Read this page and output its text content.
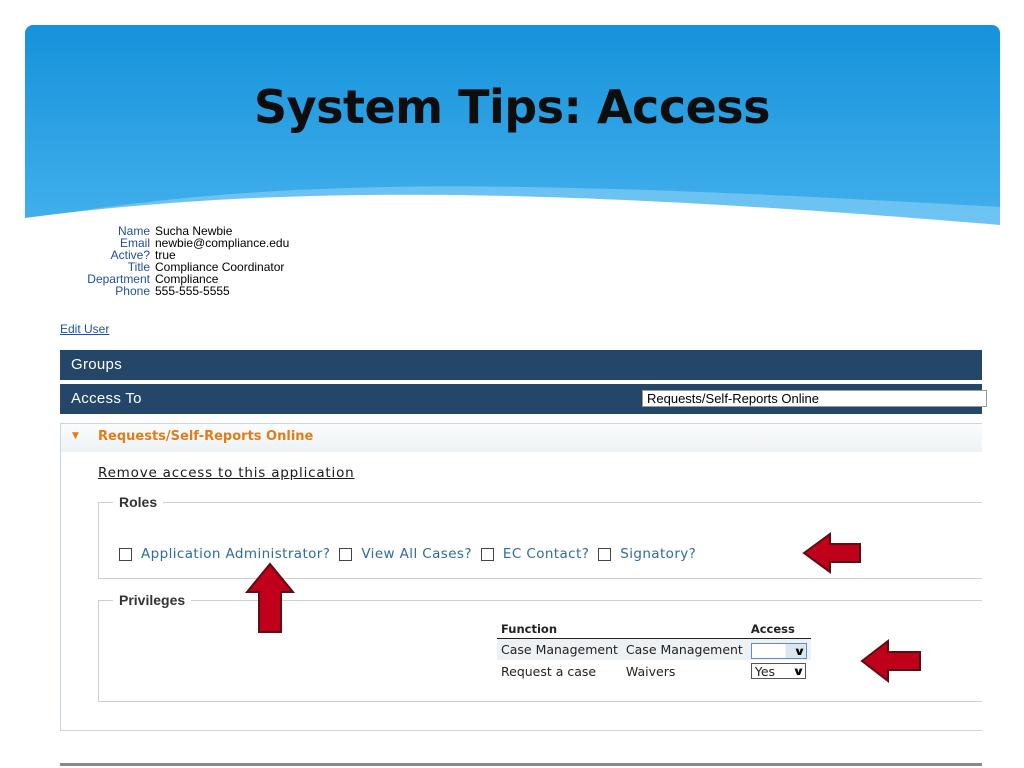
System Tips: Access
Name Sucha Newbie
Email newbie@compliance.edu
Active? true
Title Compliance Coordinator
Department Compliance
Phone 555-555-5555
Edit User
Groups
Access To	Requests/Self-Reports Online
▼ Requests/Self-Reports Online
Remove access to this application
Roles
Privileges
Application Administrator? View All Cases? EC Contact? Signatory?
Function		Access
Case Management	Case Management	∨

Request a case	Waivers	Yes ∨
